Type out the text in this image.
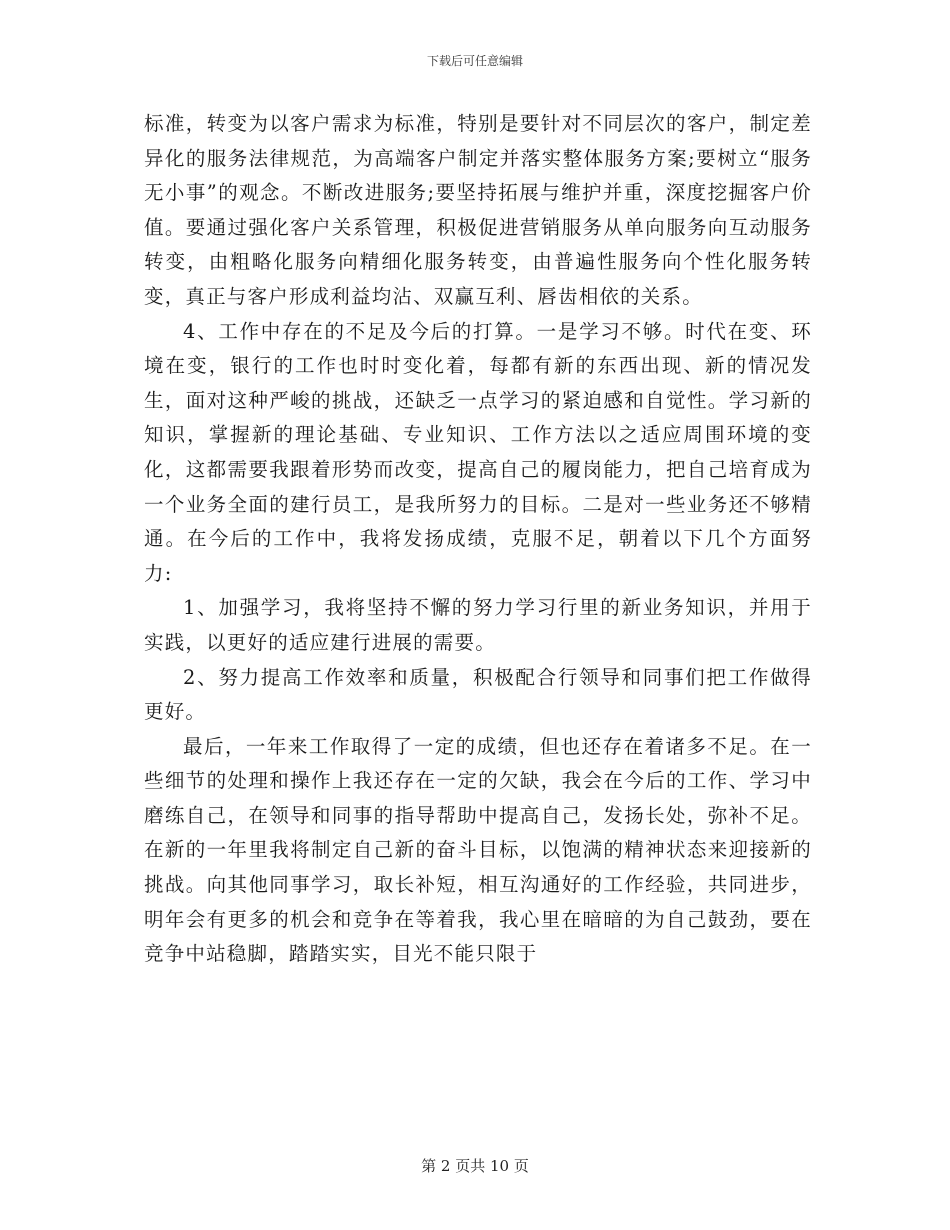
下载后可任意编辑

标准，转变为以客户需求为标准，特别是要针对不同层次的客户，制定差异化的服务法律规范，为高端客户制定并落实整体服务方案;要树立“服务无小事”的观念。不断改进服务;要坚持拓展与维护并重，深度挖掘客户价值。要通过强化客户关系管理，积极促进营销服务从单向服务向互动服务转变，由粗略化服务向精细化服务转变，由普遍性服务向个性化服务转变，真正与客户形成利益均沾、双赢互利、唇齿相依的关系。

4、工作中存在的不足及今后的打算。一是学习不够。时代在变、环境在变，银行的工作也时时变化着，每都有新的东西出现、新的情况发生，面对这种严峻的挑战，还缺乏一点学习的紧迫感和自觉性。学习新的知识，掌握新的理论基础、专业知识、工作方法以之适应周围环境的变化，这都需要我跟着形势而改变，提高自己的履岗能力，把自己培育成为一个业务全面的建行员工，是我所努力的目标。二是对一些业务还不够精通。在今后的工作中，我将发扬成绩，克服不足，朝着以下几个方面努力:

1、加强学习，我将坚持不懈的努力学习行里的新业务知识，并用于实践，以更好的适应建行进展的需要。

2、努力提高工作效率和质量，积极配合行领导和同事们把工作做得更好。

最后，一年来工作取得了一定的成绩，但也还存在着诸多不足。在一些细节的处理和操作上我还存在一定的欠缺，我会在今后的工作、学习中磨练自己，在领导和同事的指导帮助中提高自己，发扬长处，弥补不足。在新的一年里我将制定自己新的奋斗目标，以饱满的精神状态来迎接新的挑战。向其他同事学习，取长补短，相互沟通好的工作经验，共同进步，明年会有更多的机会和竞争在等着我，我心里在暗暗的为自己鼓劲，要在竞争中站稳脚，踏踏实实，目光不能只限于

第 2 页共 10 页
